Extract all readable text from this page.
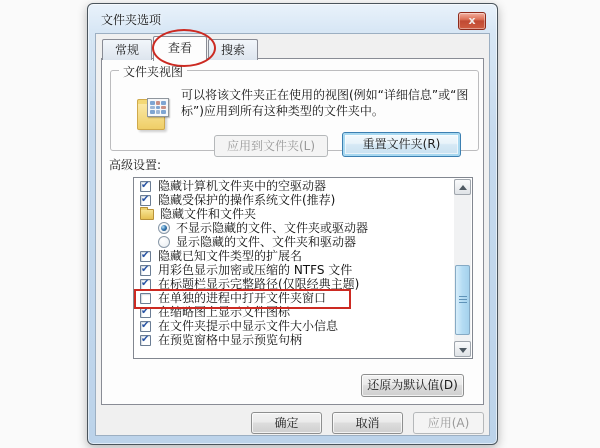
文件夹选项	x
常规	查看	搜索
文件夹视图
可以将该文件夹正在使用的视图(例如“详细信息”或“图标”)应用到所有这种类型的文件夹中。
应用到文件夹(L)	重置文件夹(R)
高级设置:
✔ 隐藏计算机文件夹中的空驱动器
✔ 隐藏受保护的操作系统文件(推荐)
隐藏文件和文件夹
不显示隐藏的文件、文件夹或驱动器
显示隐藏的文件、文件夹和驱动器
✔ 隐藏已知文件类型的扩展名
✔ 用彩色显示加密或压缩的 NTFS 文件
✔ 在标题栏显示完整路径(仅限经典主题)
在单独的进程中打开文件夹窗口
✔ 在缩略图上显示文件图标
✔ 在文件夹提示中显示文件大小信息
✔ 在预览窗格中显示预览句柄
还原为默认值(D)
确定	取消	应用(A)
